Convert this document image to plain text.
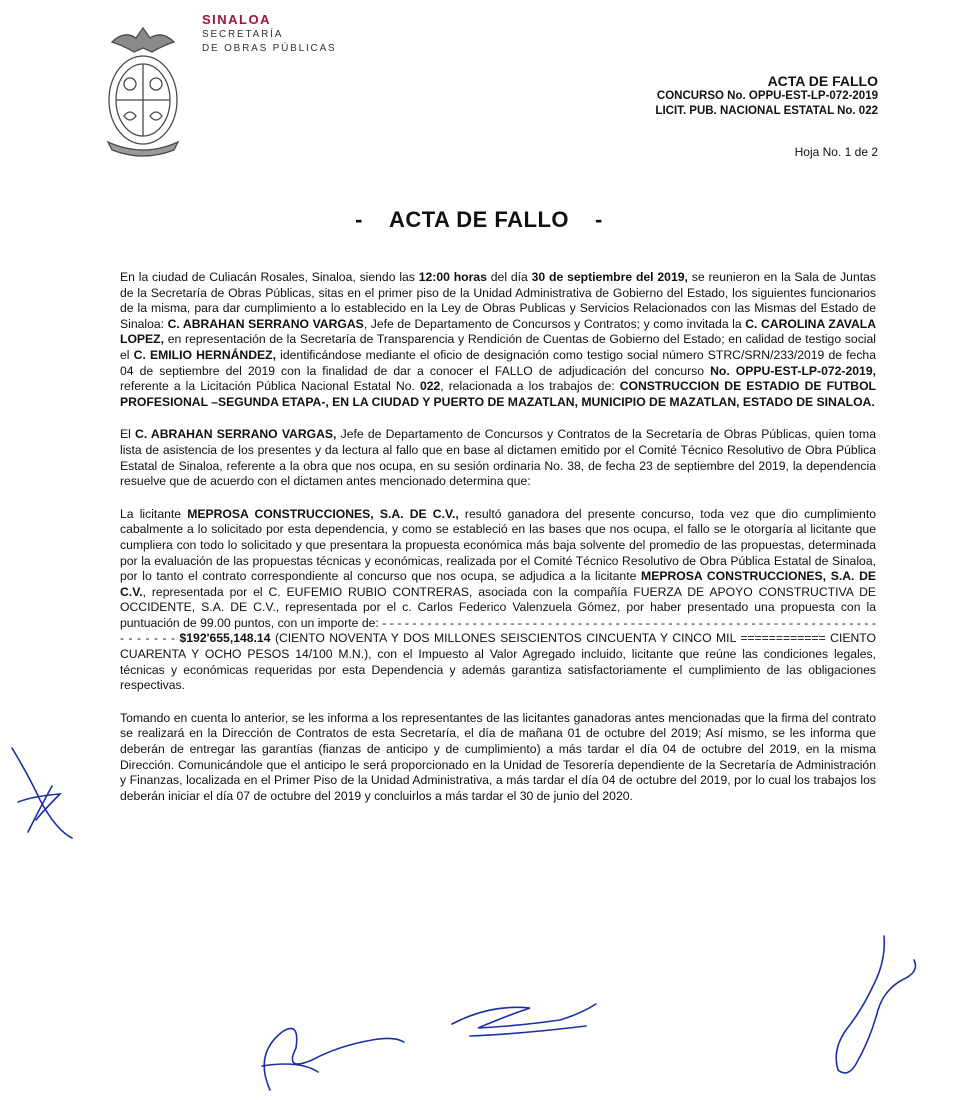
SINALOA
SECRETARÍA
DE OBRAS PÚBLICAS
ACTA DE FALLO
CONCURSO No. OPPU-EST-LP-072-2019
LICIT. PUB. NACIONAL ESTATAL No. 022
Hoja No. 1 de 2
- ACTA DE FALLO -

En la ciudad de Culiacán Rosales, Sinaloa, siendo las 12:00 horas del día 30 de septiembre del 2019, se reunieron en la Sala de Juntas de la Secretaría de Obras Públicas, sitas en el primer piso de la Unidad Administrativa de Gobierno del Estado, los siguientes funcionarios de la misma, para dar cumplimiento a lo establecido en la Ley de Obras Publicas y Servicios Relacionados con las Mismas del Estado de Sinaloa: C. ABRAHAN SERRANO VARGAS, Jefe de Departamento de Concursos y Contratos; y como invitada la C. CAROLINA ZAVALA LOPEZ, en representación de la Secretaría de Transparencia y Rendición de Cuentas de Gobierno del Estado; en calidad de testigo social el C. EMILIO HERNÁNDEZ, identificándose mediante el oficio de designación como testigo social número STRC/SRN/233/2019 de fecha 04 de septiembre del 2019 con la finalidad de dar a conocer el FALLO de adjudicación del concurso No. OPPU-EST-LP-072-2019, referente a la Licitación Pública Nacional Estatal No. 022, relacionada a los trabajos de: CONSTRUCCION DE ESTADIO DE FUTBOL PROFESIONAL –SEGUNDA ETAPA-, EN LA CIUDAD Y PUERTO DE MAZATLAN, MUNICIPIO DE MAZATLAN, ESTADO DE SINALOA.

El C. ABRAHAN SERRANO VARGAS, Jefe de Departamento de Concursos y Contratos de la Secretaría de Obras Públicas, quien toma lista de asistencia de los presentes y da lectura al fallo que en base al dictamen emitido por el Comité Técnico Resolutivo de Obra Pública Estatal de Sinaloa, referente a la obra que nos ocupa, en su sesión ordinaria No. 38, de fecha 23 de septiembre del 2019, la dependencia resuelve que de acuerdo con el dictamen antes mencionado determina que:

La licitante MEPROSA CONSTRUCCIONES, S.A. DE C.V., resultó ganadora del presente concurso, toda vez que dio cumplimiento cabalmente a lo solicitado por esta dependencia, y como se estableció en las bases que nos ocupa, el fallo se le otorgaría al licitante que cumpliera con todo lo solicitado y que presentara la propuesta económica más baja solvente del promedio de las propuestas, determinada por la evaluación de las propuestas técnicas y económicas, realizada por el Comité Técnico Resolutivo de Obra Pública Estatal de Sinaloa, por lo tanto el contrato correspondiente al concurso que nos ocupa, se adjudica a la licitante MEPROSA CONSTRUCCIONES, S.A. DE C.V., representada por el C. EUFEMIO RUBIO CONTRERAS, asociada con la compañía FUERZA DE APOYO CONSTRUCTIVA DE OCCIDENTE, S.A. DE C.V., representada por el c. Carlos Federico Valenzuela Gómez, por haber presentado una propuesta con la puntuación de 99.00 puntos, con un importe de: - - - - - - - - - - - - - - - - - - - - - - - - - - - - - - - - - - - - - - - - - - - - - - - - - - - - - - - - - - - - - - - - - - - - - - - - - $192'655,148.14 (CIENTO NOVENTA Y DOS MILLONES SEISCIENTOS CINCUENTA Y CINCO MIL ============ CIENTO CUARENTA Y OCHO PESOS 14/100 M.N.), con el Impuesto al Valor Agregado incluido, licitante que reúne las condiciones legales, técnicas y económicas requeridas por esta Dependencia y además garantiza satisfactoriamente el cumplimiento de las obligaciones respectivas.

Tomando en cuenta lo anterior, se les informa a los representantes de las licitantes ganadoras antes mencionadas que la firma del contrato se realizará en la Dirección de Contratos de esta Secretaría, el día de mañana 01 de octubre del 2019; Así mismo, se les informa que deberán de entregar las garantías (fianzas de anticipo y de cumplimiento) a más tardar el día 04 de octubre del 2019, en la misma Dirección. Comunicándole que el anticipo le será proporcionado en la Unidad de Tesorería dependiente de la Secretaría de Administración y Finanzas, localizada en el Primer Piso de la Unidad Administrativa, a más tardar el día 04 de octubre del 2019, por lo cual los trabajos los deberán iniciar el día 07 de octubre del 2019 y concluirlos a más tardar el 30 de junio del 2020.
